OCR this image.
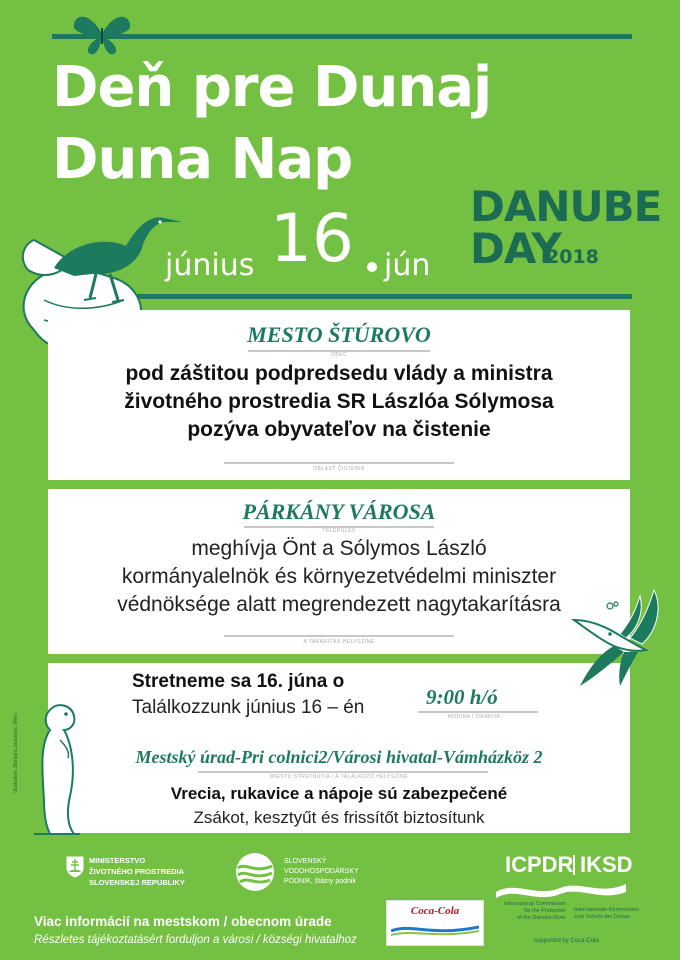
Deň pre Dunaj
Duna Nap
június 16 jún
DANUBE
DAY
2018
MESTO ŠTÚROVO
OBEC
pod záštitou podpredsedu vlády a ministra
životného prostredia SR Lászlóa Sólymosa
pozýva obyvateľov na čistenie
OBLASŤ ČISTENIA
PÁRKÁNY VÁROSA
TELEPÜLÉS
meghívja Önt a Sólymos László
kormányalelnök és környezetvédelmi miniszter
védnöksége alatt megrendezett nagytakarításra
A TAKARÍTÁS HELYSZÍNE
Stretneme sa 16. júna o
Találkozzunk június 16 – én	9:00 h/ó
HODINA / ÓRAKOR
Mestský úrad-Pri colnici2/Városi hivatal-Vámházköz 2
MIESTO STRETNUTIA / A TALÁLKOZÓ HELYSZÍNE
Vrecia, rukavice a nápoje sú zabezpečené
Zsákot, kesztyűt és frissítőt biztosítunk
Illustration: Barbara Jaumann, Wien
MINISTERSTVO
ŽIVOTNÉHO PROSTREDIA
SLOVENSKEJ REPUBLIKY
SLOVENSKÝ
VODOHOSPODÁRSKY
PODNIK, štátny podnik
ICPDR IKSD
International Commission
for the Protection
of the Danube River
Internationale Kommission
zum Schutz der Donau
supported by Coca-Cola
Coca-Cola
Viac informácií na mestskom / obecnom úrade
Részletes tájékoztatásért forduljon a városi / községi hivatalhoz
